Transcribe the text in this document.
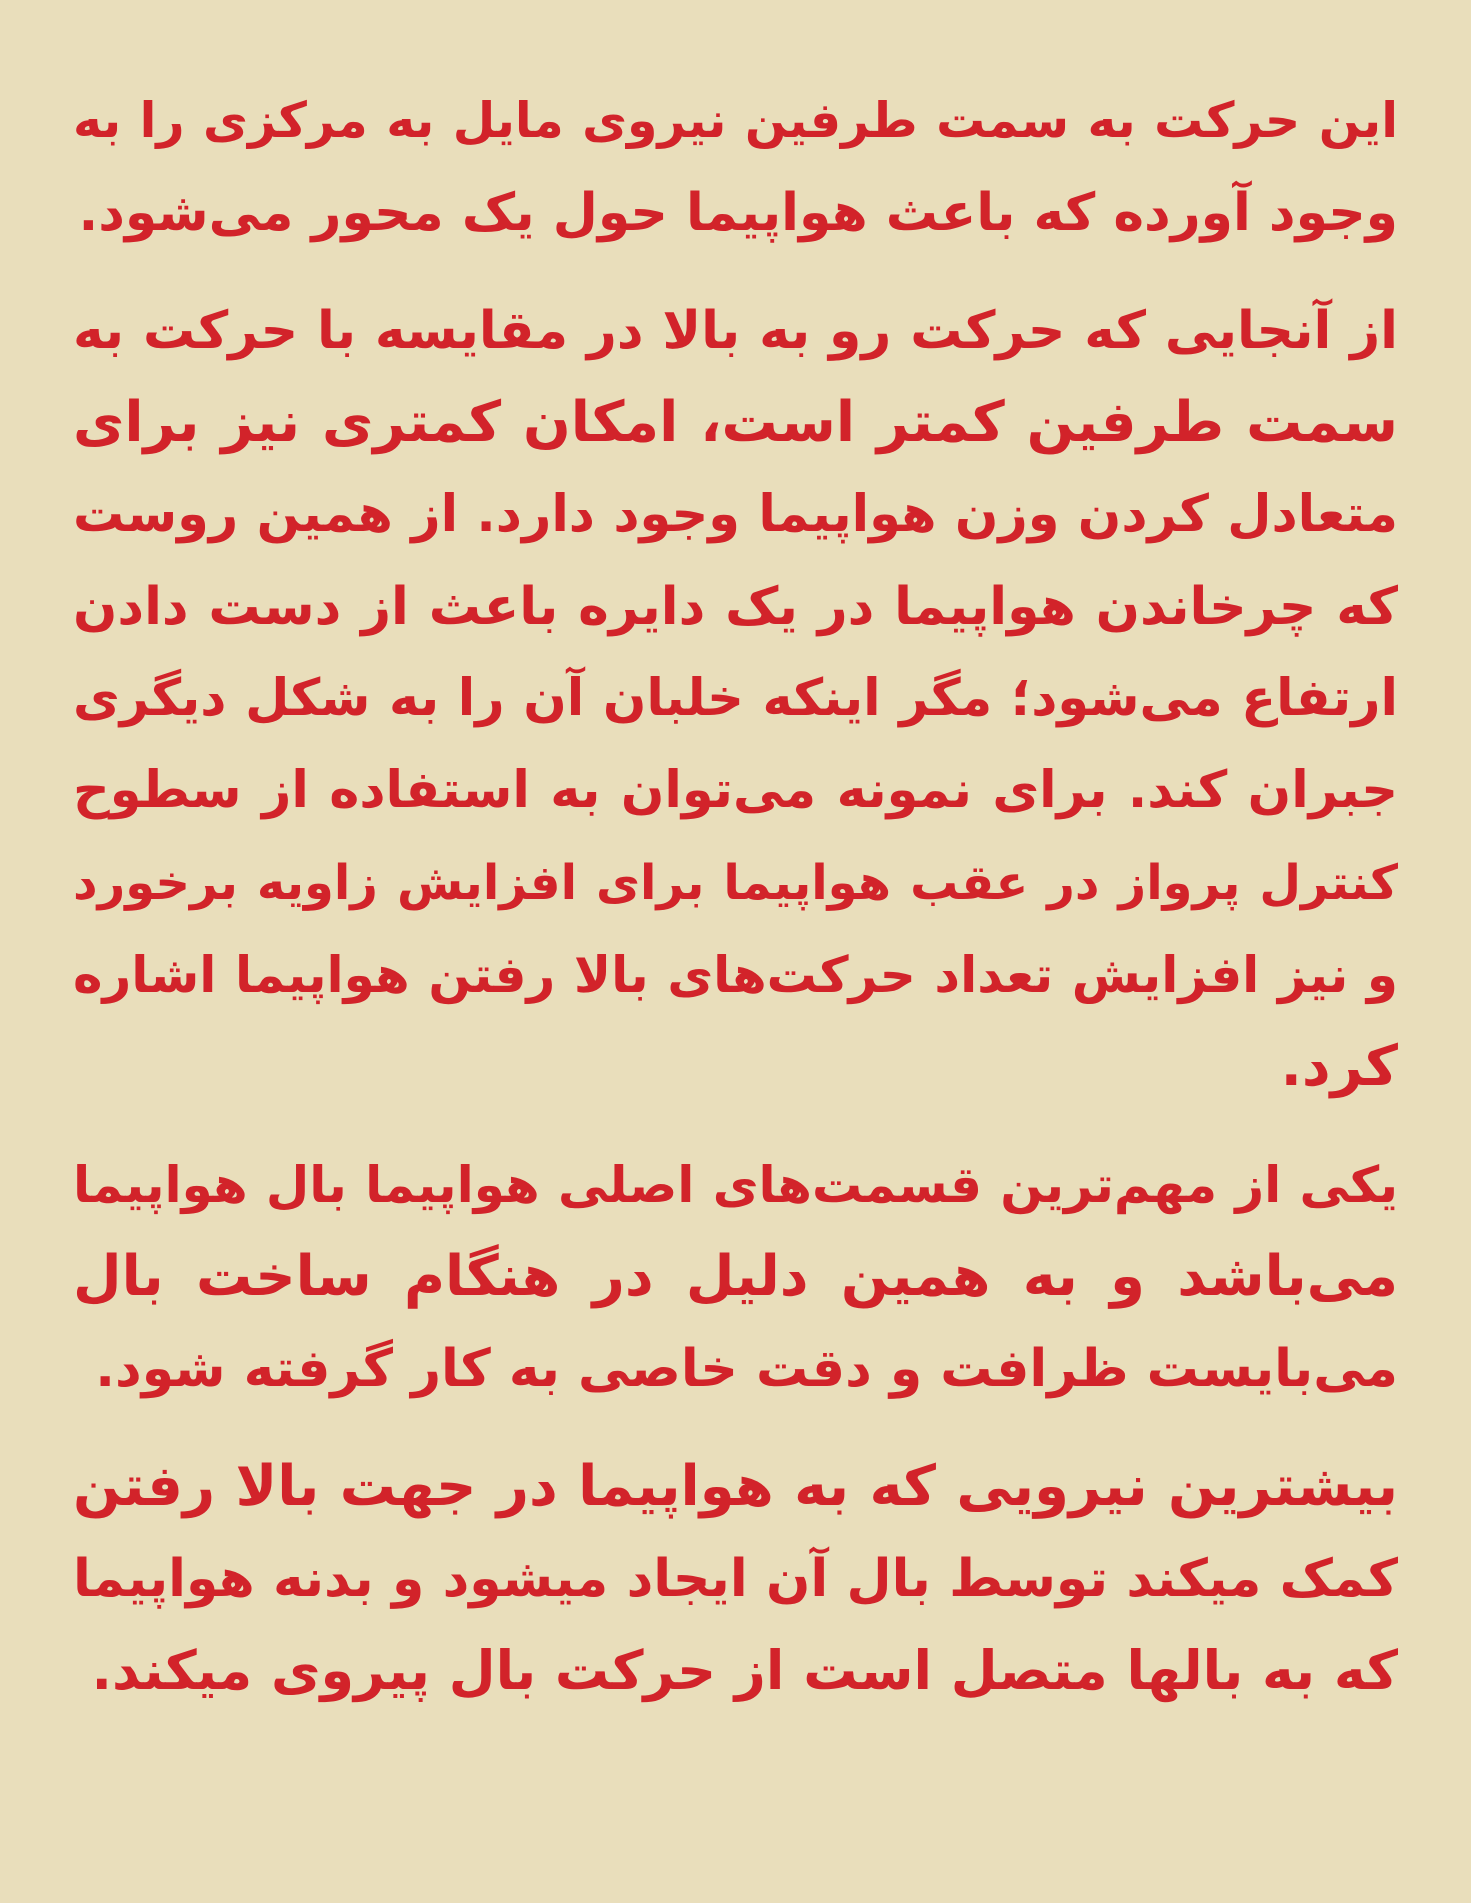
این حرکت به سمت طرفین نیروی مایل به مرکزی را به
وجود آورده که باعث هواپیما حول یک محور می‌شود.
از آنجایی که حرکت رو به بالا در مقایسه با حرکت به
سمت طرفین کمتر است، امکان کمتری نیز برای
متعادل کردن وزن هواپیما وجود دارد. از همین روست
که چرخاندن هواپیما در یک دایره باعث از دست دادن
ارتفاع می‌شود؛ مگر اینکه خلبان آن را به شکل دیگری
جبران کند. برای نمونه می‌توان به استفاده از سطوح
کنترل پرواز در عقب هواپیما برای افزایش زاویه برخورد
و نیز افزایش تعداد حرکت‌های بالا رفتن هواپیما اشاره
کرد.
یکی از مهم‌ترین قسمت‌های اصلی هواپیما بال هواپیما
می‌باشد و به همین دلیل در هنگام ساخت بال
می‌بایست ظرافت و دقت خاصی به کار گرفته شود.
بیشترین نیرویی که به هواپیما در جهت بالا رفتن
کمک میکند توسط بال آن ایجاد میشود و بدنه هواپیما
که به بالها متصل است از حرکت بال پیروی میکند.
